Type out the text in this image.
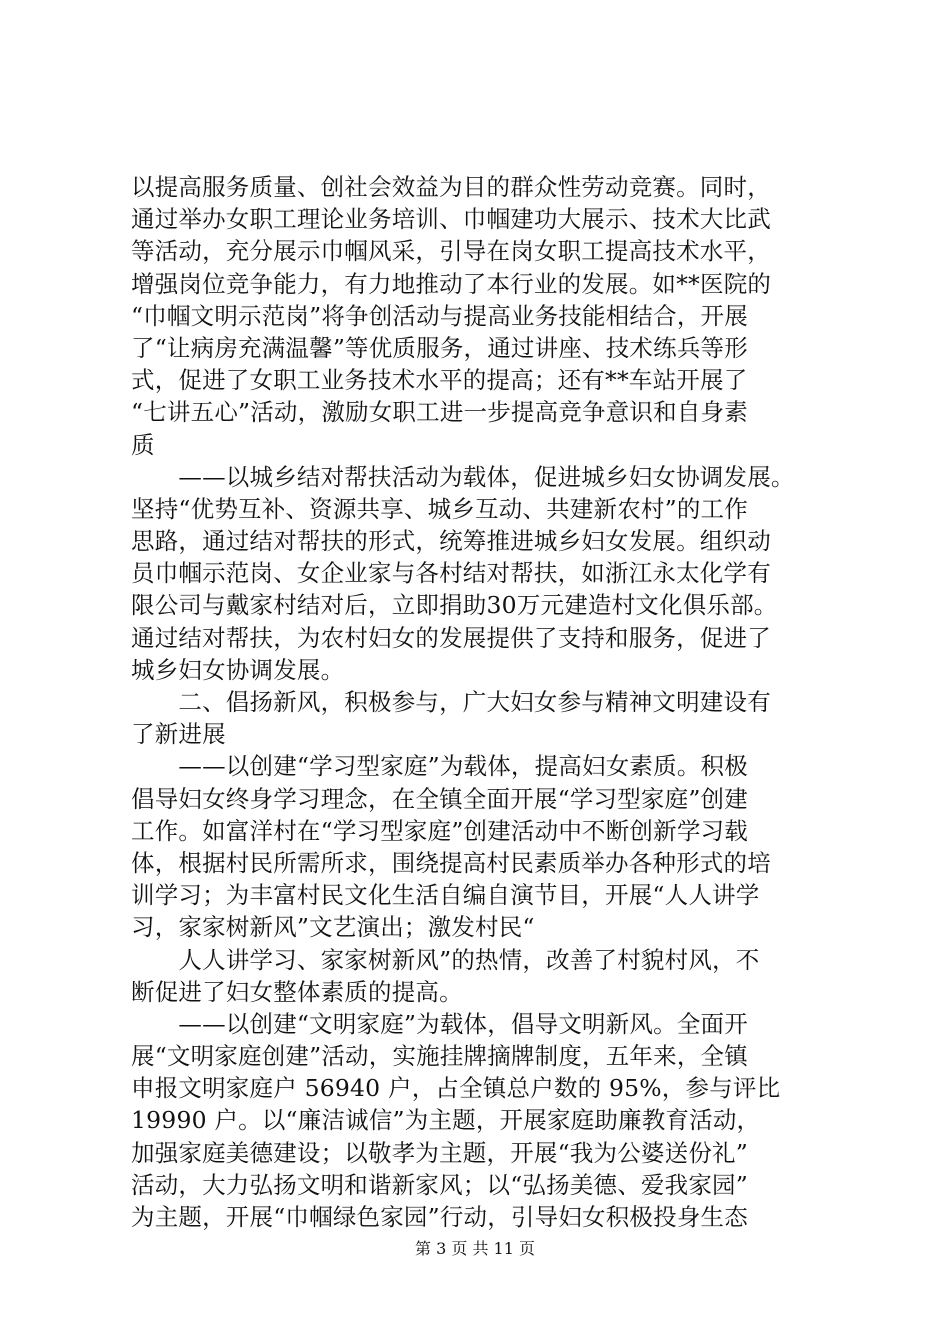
以提高服务质量、创社会效益为目的群众性劳动竞赛。同时，
通过举办女职工理论业务培训、巾帼建功大展示、技术大比武
等活动，充分展示巾帼风采，引导在岗女职工提高技术水平，
增强岗位竞争能力，有力地推动了本行业的发展。如**医院的
“巾帼文明示范岗”将争创活动与提高业务技能相结合，开展
了“让病房充满温馨”等优质服务，通过讲座、技术练兵等形
式，促进了女职工业务技术水平的提高；还有**车站开展了
“七讲五心”活动，激励女职工进一步提高竞争意识和自身素
质
　　——以城乡结对帮扶活动为载体，促进城乡妇女协调发展。
坚持“优势互补、资源共享、城乡互动、共建新农村”的工作
思路，通过结对帮扶的形式，统筹推进城乡妇女发展。组织动
员巾帼示范岗、女企业家与各村结对帮扶，如浙江永太化学有
限公司与戴家村结对后，立即捐助30万元建造村文化俱乐部。
通过结对帮扶，为农村妇女的发展提供了支持和服务，促进了
城乡妇女协调发展。
　　二、倡扬新风，积极参与，广大妇女参与精神文明建设有
了新进展
　　——以创建“学习型家庭”为载体，提高妇女素质。积极
倡导妇女终身学习理念，在全镇全面开展“学习型家庭”创建
工作。如富洋村在“学习型家庭”创建活动中不断创新学习载
体，根据村民所需所求，围绕提高村民素质举办各种形式的培
训学习；为丰富村民文化生活自编自演节目，开展“人人讲学
习，家家树新风”文艺演出；激发村民“
　　人人讲学习、家家树新风”的热情，改善了村貌村风，不
断促进了妇女整体素质的提高。
　　——以创建“文明家庭”为载体，倡导文明新风。全面开
展“文明家庭创建”活动，实施挂牌摘牌制度，五年来，全镇
申报文明家庭户 56940 户，占全镇总户数的 95%，参与评比
19990 户。以“廉洁诚信”为主题，开展家庭助廉教育活动，
加强家庭美德建设；以敬孝为主题，开展“我为公婆送份礼”
活动，大力弘扬文明和谐新家风；以“弘扬美德、爱我家园”
为主题，开展“巾帼绿色家园”行动，引导妇女积极投身生态
第 3 页 共 11 页
